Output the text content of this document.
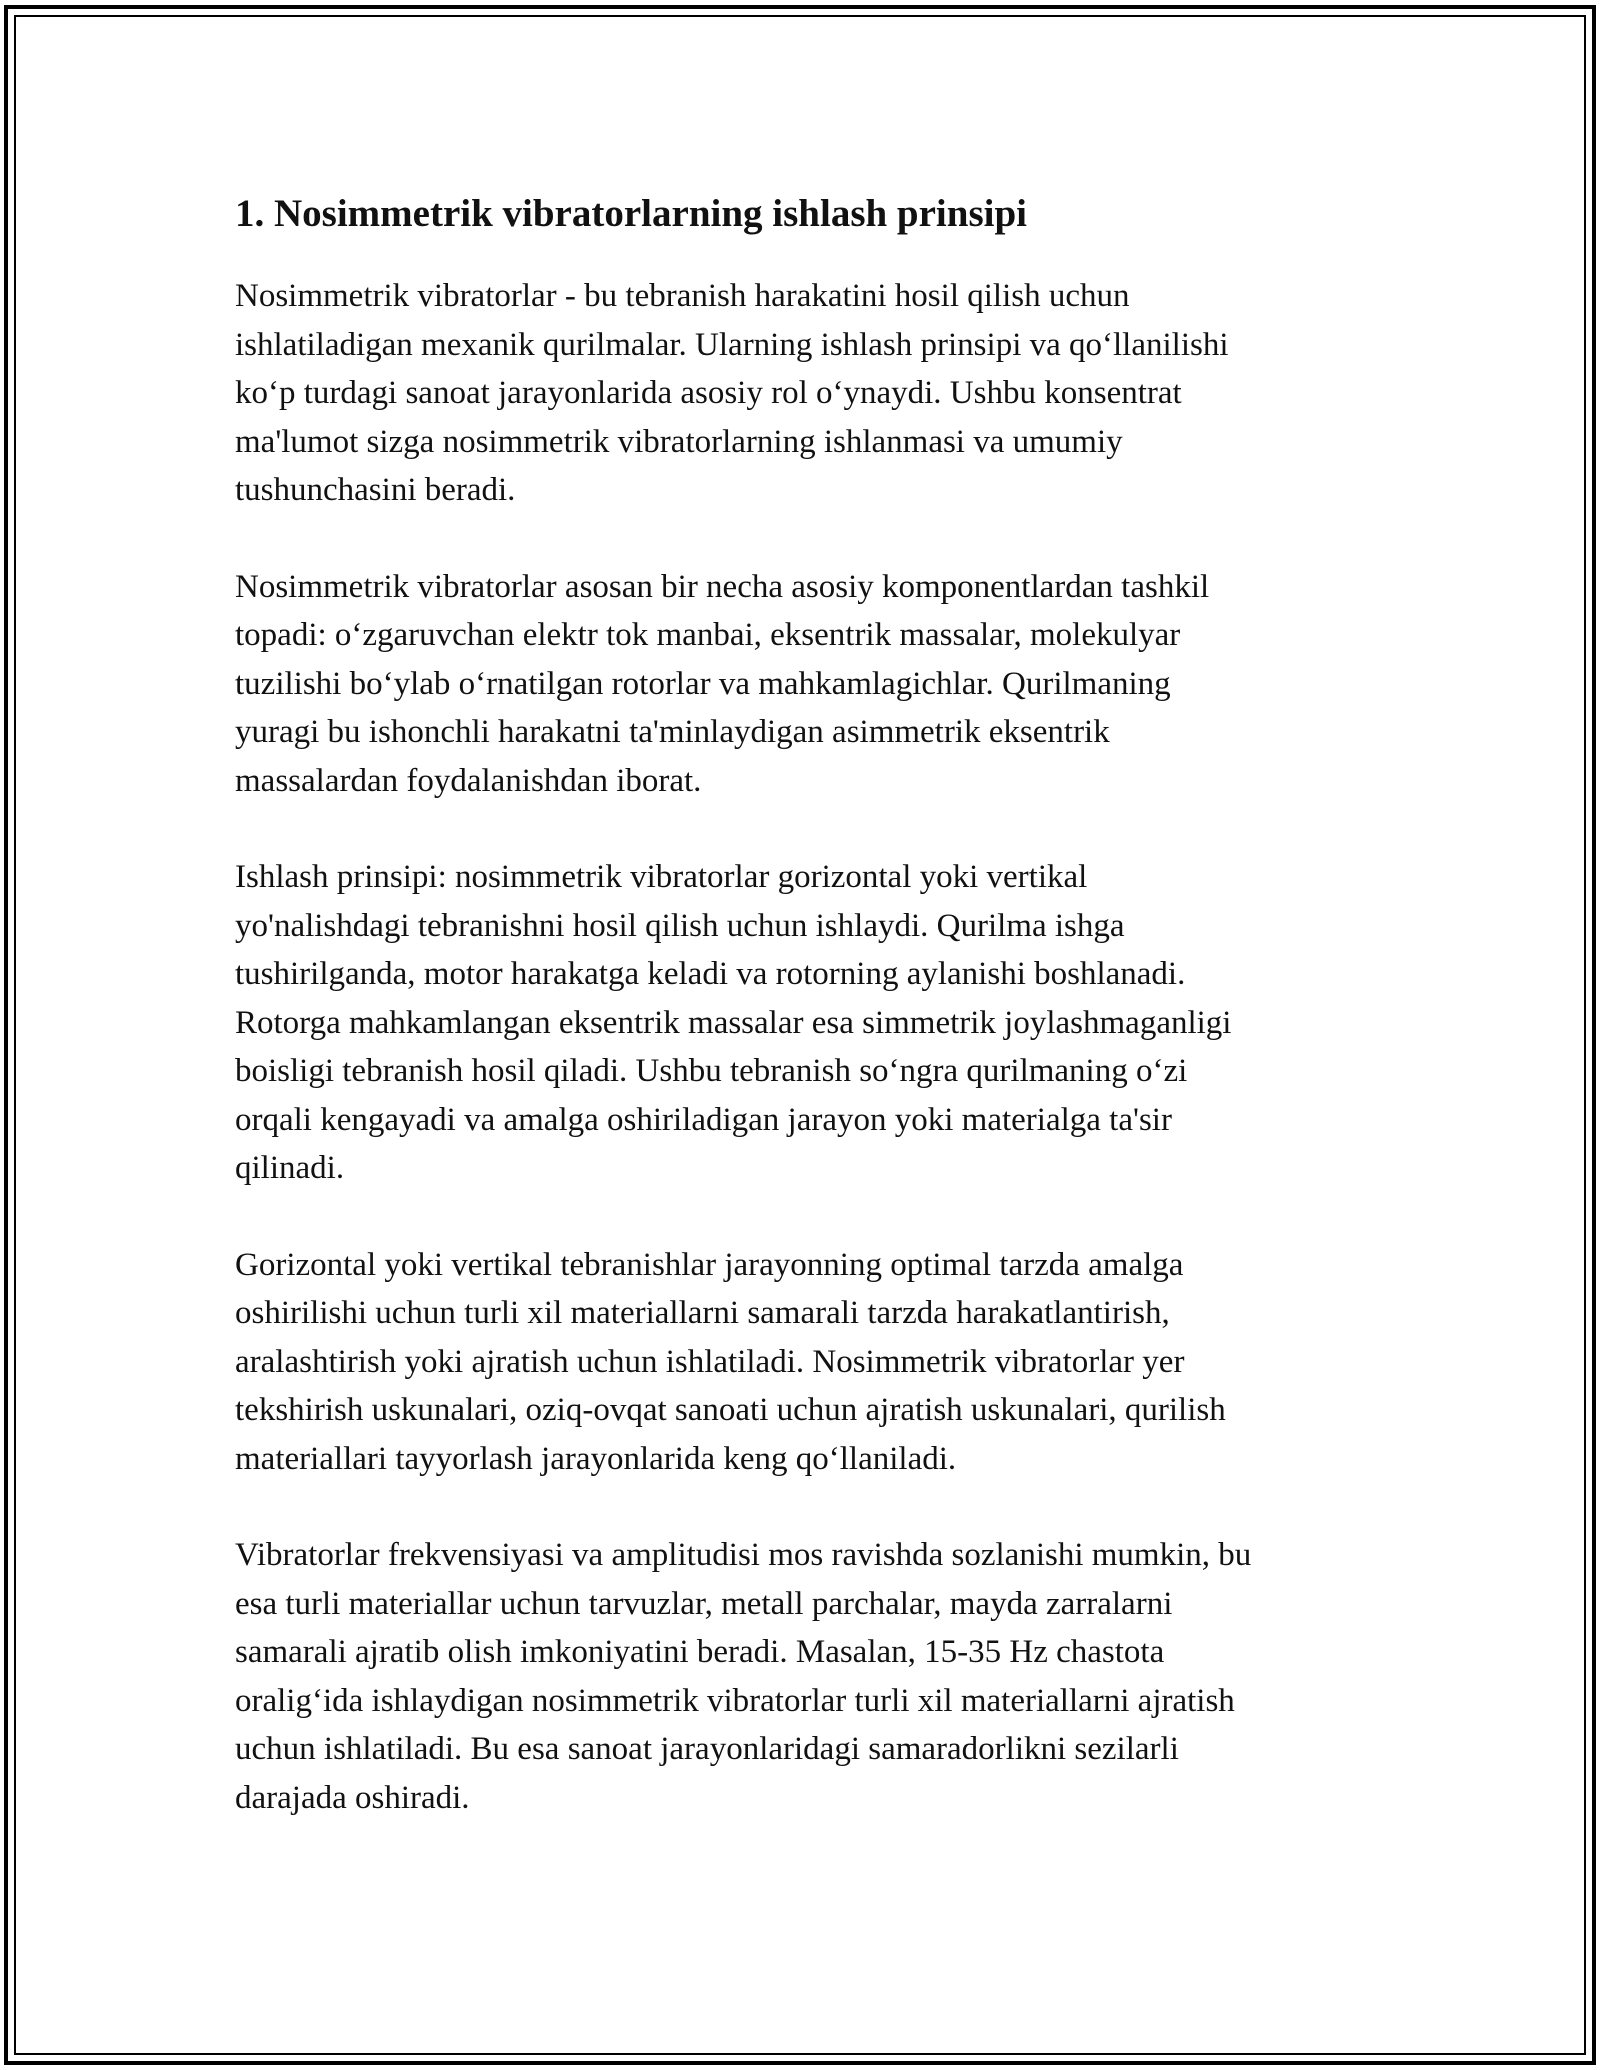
1. Nosimmetrik vibratorlarning ishlash prinsipi

Nosimmetrik vibratorlar - bu tebranish harakatini hosil qilish uchun
ishlatiladigan mexanik qurilmalar. Ularning ishlash prinsipi va qo‘llanilishi
ko‘p turdagi sanoat jarayonlarida asosiy rol o‘ynaydi. Ushbu konsentrat
ma'lumot sizga nosimmetrik vibratorlarning ishlanmasi va umumiy
tushunchasini beradi.

Nosimmetrik vibratorlar asosan bir necha asosiy komponentlardan tashkil
topadi: o‘zgaruvchan elektr tok manbai, eksentrik massalar, molekulyar
tuzilishi bo‘ylab o‘rnatilgan rotorlar va mahkamlagichlar. Qurilmaning
yuragi bu ishonchli harakatni ta'minlaydigan asimmetrik eksentrik
massalardan foydalanishdan iborat.

Ishlash prinsipi: nosimmetrik vibratorlar gorizontal yoki vertikal
yo'nalishdagi tebranishni hosil qilish uchun ishlaydi. Qurilma ishga
tushirilganda, motor harakatga keladi va rotorning aylanishi boshlanadi.
Rotorga mahkamlangan eksentrik massalar esa simmetrik joylashmaganligi
boisligi tebranish hosil qiladi. Ushbu tebranish so‘ngra qurilmaning o‘zi
orqali kengayadi va amalga oshiriladigan jarayon yoki materialga ta'sir
qilinadi.

Gorizontal yoki vertikal tebranishlar jarayonning optimal tarzda amalga
oshirilishi uchun turli xil materiallarni samarali tarzda harakatlantirish,
aralashtirish yoki ajratish uchun ishlatiladi. Nosimmetrik vibratorlar yer
tekshirish uskunalari, oziq-ovqat sanoati uchun ajratish uskunalari, qurilish
materiallari tayyorlash jarayonlarida keng qo‘llaniladi.

Vibratorlar frekvensiyasi va amplitudisi mos ravishda sozlanishi mumkin, bu
esa turli materiallar uchun tarvuzlar, metall parchalar, mayda zarralarni
samarali ajratib olish imkoniyatini beradi. Masalan, 15-35 Hz chastota
oralig‘ida ishlaydigan nosimmetrik vibratorlar turli xil materiallarni ajratish
uchun ishlatiladi. Bu esa sanoat jarayonlaridagi samaradorlikni sezilarli
darajada oshiradi.
